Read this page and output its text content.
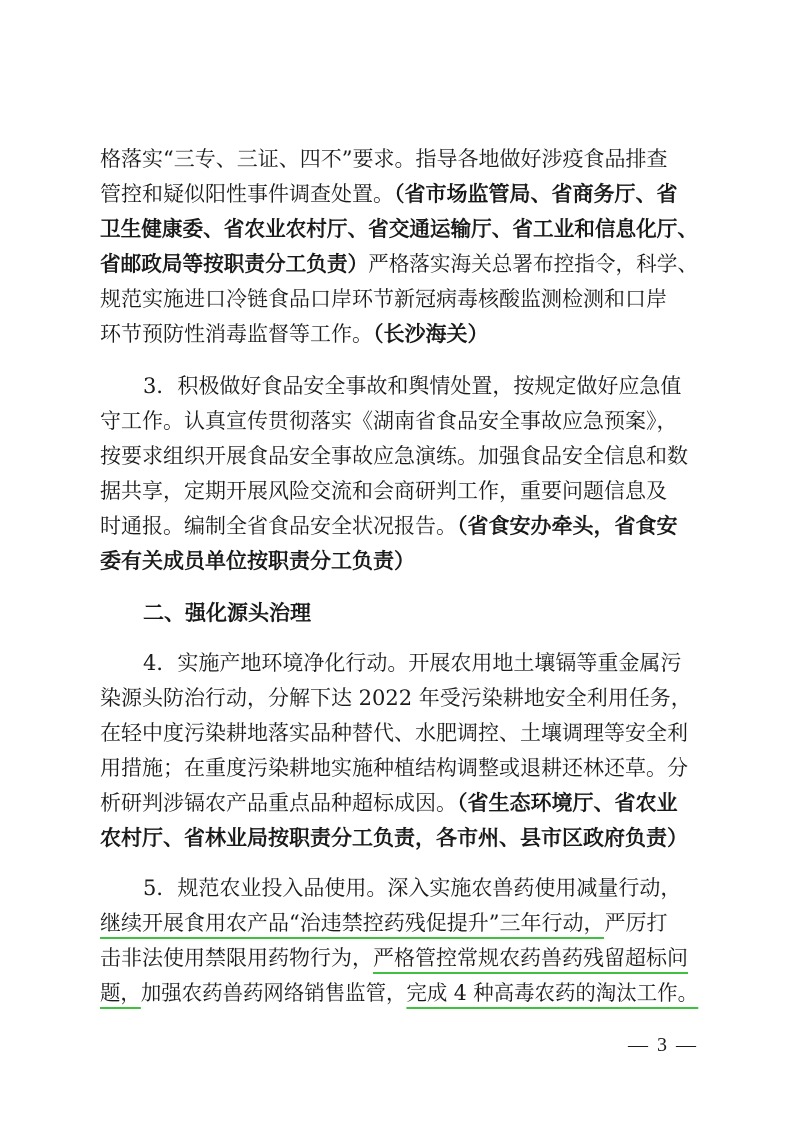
格落实“三专、三证、四不”要求。指导各地做好涉疫食品排查
管控和疑似阳性事件调查处置。（省市场监管局、省商务厅、省
卫生健康委、省农业农村厅、省交通运输厅、省工业和信息化厅、
省邮政局等按职责分工负责）严格落实海关总署布控指令，科学、
规范实施进口冷链食品口岸环节新冠病毒核酸监测检测和口岸
环节预防性消毒监督等工作。（长沙海关）
3．积极做好食品安全事故和舆情处置，按规定做好应急值
守工作。认真宣传贯彻落实《湖南省食品安全事故应急预案》，
按要求组织开展食品安全事故应急演练。加强食品安全信息和数
据共享，定期开展风险交流和会商研判工作，重要问题信息及
时通报。编制全省食品安全状况报告。（省食安办牵头，省食安
委有关成员单位按职责分工负责）
二、强化源头治理
4．实施产地环境净化行动。开展农用地土壤镉等重金属污
染源头防治行动，分解下达 2022 年受污染耕地安全利用任务，
在轻中度污染耕地落实品种替代、水肥调控、土壤调理等安全利
用措施；在重度污染耕地实施种植结构调整或退耕还林还草。分
析研判涉镉农产品重点品种超标成因。（省生态环境厅、省农业
农村厅、省林业局按职责分工负责，各市州、县市区政府负责）
5．规范农业投入品使用。深入实施农兽药使用减量行动，
继续开展食用农产品“治违禁控药残促提升”三年行动，严厉打
击非法使用禁限用药物行为，严格管控常规农药兽药残留超标问
题，加强农药兽药网络销售监管，完成 4 种高毒农药的淘汰工作。
— 3 —
